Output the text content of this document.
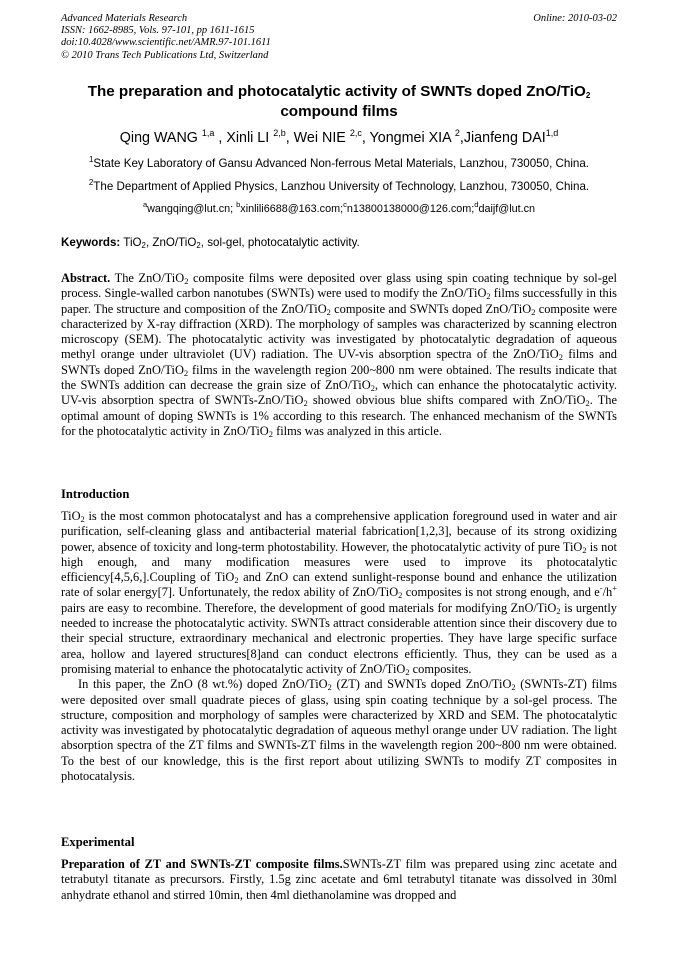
Advanced Materials Research
ISSN: 1662-8985, Vols. 97-101, pp 1611-1615
doi:10.4028/www.scientific.net/AMR.97-101.1611
© 2010 Trans Tech Publications Ltd, Switzerland
Online: 2010-03-02
The preparation and photocatalytic activity of SWNTs doped ZnO/TiO$_2$
compound films
Qing WANG $^{1,a}$ , Xinli LI $^{2,b}$, Wei NIE $^{2,c}$, Yongmei XIA $^2$,Jianfeng DAI$^{1,d}$
$^1$State Key Laboratory of Gansu Advanced Non-ferrous Metal Materials, Lanzhou, 730050, China.
$^2$The Department of Applied Physics, Lanzhou University of Technology, Lanzhou, 730050, China.
$^a$wangqing@lut.cn; $^b$xinlili6688@163.com;$^c$n13800138000@126.com;$^d$daijf@lut.cn
Keywords: TiO$_2$, ZnO/TiO$_2$, sol-gel, photocatalytic activity.

Abstract. The ZnO/TiO$_2$ composite films were deposited over glass using spin coating technique by sol-gel process. Single-walled carbon nanotubes (SWNTs) were used to modify the ZnO/TiO$_2$ films successfully in this paper. The structure and composition of the ZnO/TiO$_2$ composite and SWNTs doped ZnO/TiO$_2$ composite were characterized by X-ray diffraction (XRD). The morphology of samples was characterized by scanning electron microscopy (SEM). The photocatalytic activity was investigated by photocatalytic degradation of aqueous methyl orange under ultraviolet (UV) radiation. The UV-vis absorption spectra of the ZnO/TiO$_2$ films and SWNTs doped ZnO/TiO$_2$ films in the wavelength region 200~800 nm were obtained. The results indicate that the SWNTs addition can decrease the grain size of ZnO/TiO$_2$, which can enhance the photocatalytic activity. UV-vis absorption spectra of SWNTs-ZnO/TiO$_2$ showed obvious blue shifts compared with ZnO/TiO$_2$. The optimal amount of doping SWNTs is 1% according to this research. The enhanced mechanism of the SWNTs for the photocatalytic activity in ZnO/TiO$_2$ films was analyzed in this article.

Introduction

TiO$_2$ is the most common photocatalyst and has a comprehensive application foreground used in water and air purification, self-cleaning glass and antibacterial material fabrication[1,2,3], because of its strong oxidizing power, absence of toxicity and long-term photostability. However, the photocatalytic activity of pure TiO$_2$ is not high enough, and many modification measures were used to improve its photocatalytic efficiency[4,5,6,].Coupling of TiO$_2$ and ZnO can extend sunlight-response bound and enhance the utilization rate of solar energy[7]. Unfortunately, the redox ability of ZnO/TiO$_2$ composites is not strong enough, and e-/h+ pairs are easy to recombine. Therefore, the development of good materials for modifying ZnO/TiO$_2$ is urgently needed to increase the photocatalytic activity. SWNTs attract considerable attention since their discovery due to their special structure, extraordinary mechanical and electronic properties. They have large specific surface area, hollow and layered structures[8]and can conduct electrons efficiently. Thus, they can be used as a promising material to enhance the photocatalytic activity of ZnO/TiO$_2$ composites.

In this paper, the ZnO (8 wt.%) doped ZnO/TiO$_2$ (ZT) and SWNTs doped ZnO/TiO$_2$ (SWNTs-ZT) films were deposited over small quadrate pieces of glass, using spin coating technique by a sol-gel process. The structure, composition and morphology of samples were characterized by XRD and SEM. The photocatalytic activity was investigated by photocatalytic degradation of aqueous methyl orange under UV radiation. The light absorption spectra of the ZT films and SWNTs-ZT films in the wavelength region 200~800 nm were obtained. To the best of our knowledge, this is the first report about utilizing SWNTs to modify ZT composites in photocatalysis.

Experimental

Preparation of ZT and SWNTs-ZT composite films.SWNTs-ZT film was prepared using zinc acetate and tetrabutyl titanate as precursors. Firstly, 1.5g zinc acetate and 6ml tetrabutyl titanate was dissolved in 30ml anhydrate ethanol and stirred 10min, then 4ml diethanolamine was dropped and
